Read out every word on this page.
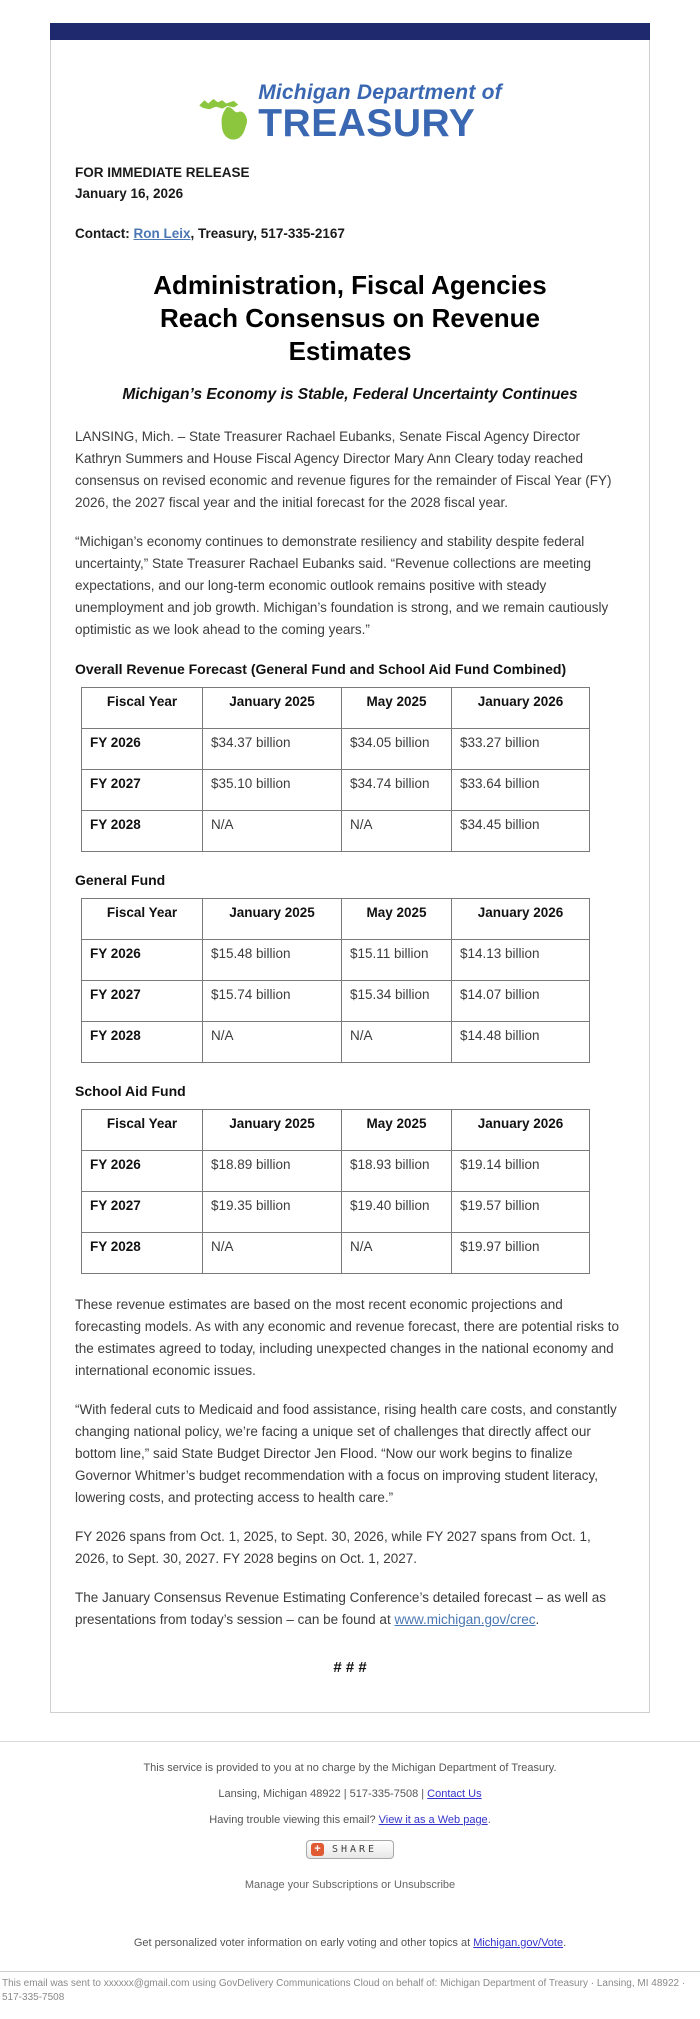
Michigan Department of
TREASURY
FOR IMMEDIATE RELEASE
January 16, 2026
Contact: Ron Leix, Treasury, 517-335-2167
Administration, Fiscal Agencies Reach Consensus on Revenue Estimates
Michigan’s Economy is Stable, Federal Uncertainty Continues

LANSING, Mich. – State Treasurer Rachael Eubanks, Senate Fiscal Agency Director Kathryn Summers and House Fiscal Agency Director Mary Ann Cleary today reached consensus on revised economic and revenue figures for the remainder of Fiscal Year (FY) 2026, the 2027 fiscal year and the initial forecast for the 2028 fiscal year.

“Michigan’s economy continues to demonstrate resiliency and stability despite federal uncertainty,” State Treasurer Rachael Eubanks said. “Revenue collections are meeting expectations, and our long-term economic outlook remains positive with steady unemployment and job growth. Michigan’s foundation is strong, and we remain cautiously optimistic as we look ahead to the coming years.”

Overall Revenue Forecast (General Fund and School Aid Fund Combined)
Fiscal Year	January 2025	May 2025	January 2026
FY 2026	$34.37 billion	$34.05 billion	$33.27 billion
FY 2027	$35.10 billion	$34.74 billion	$33.64 billion
FY 2028	N/A	N/A	$34.45 billion
General Fund
Fiscal Year	January 2025	May 2025	January 2026
FY 2026	$15.48 billion	$15.11 billion	$14.13 billion
FY 2027	$15.74 billion	$15.34 billion	$14.07 billion
FY 2028	N/A	N/A	$14.48 billion
School Aid Fund
Fiscal Year	January 2025	May 2025	January 2026
FY 2026	$18.89 billion	$18.93 billion	$19.14 billion
FY 2027	$19.35 billion	$19.40 billion	$19.57 billion
FY 2028	N/A	N/A	$19.97 billion

These revenue estimates are based on the most recent economic projections and forecasting models. As with any economic and revenue forecast, there are potential risks to the estimates agreed to today, including unexpected changes in the national economy and international economic issues.

“With federal cuts to Medicaid and food assistance, rising health care costs, and constantly changing national policy, we’re facing a unique set of challenges that directly affect our bottom line,” said State Budget Director Jen Flood. “Now our work begins to finalize Governor Whitmer’s budget recommendation with a focus on improving student literacy, lowering costs, and protecting access to health care.”

FY 2026 spans from Oct. 1, 2025, to Sept. 30, 2026, while FY 2027 spans from Oct. 1, 2026, to Sept. 30, 2027. FY 2028 begins on Oct. 1, 2027.

The January Consensus Revenue Estimating Conference’s detailed forecast – as well as presentations from today’s session – can be found at www.michigan.gov/crec.

# # #
This service is provided to you at no charge by the Michigan Department of Treasury.
Lansing, Michigan 48922 | 517-335-7508 | Contact Us
Having trouble viewing this email? View it as a Web page.
+	SHARE
Manage your Subscriptions or Unsubscribe
Get personalized voter information on early voting and other topics at Michigan.gov/Vote.
This email was sent to xxxxxx@gmail.com using GovDelivery Communications Cloud on behalf of: Michigan Department of Treasury · Lansing, MI 48922 · 517-335-7508
